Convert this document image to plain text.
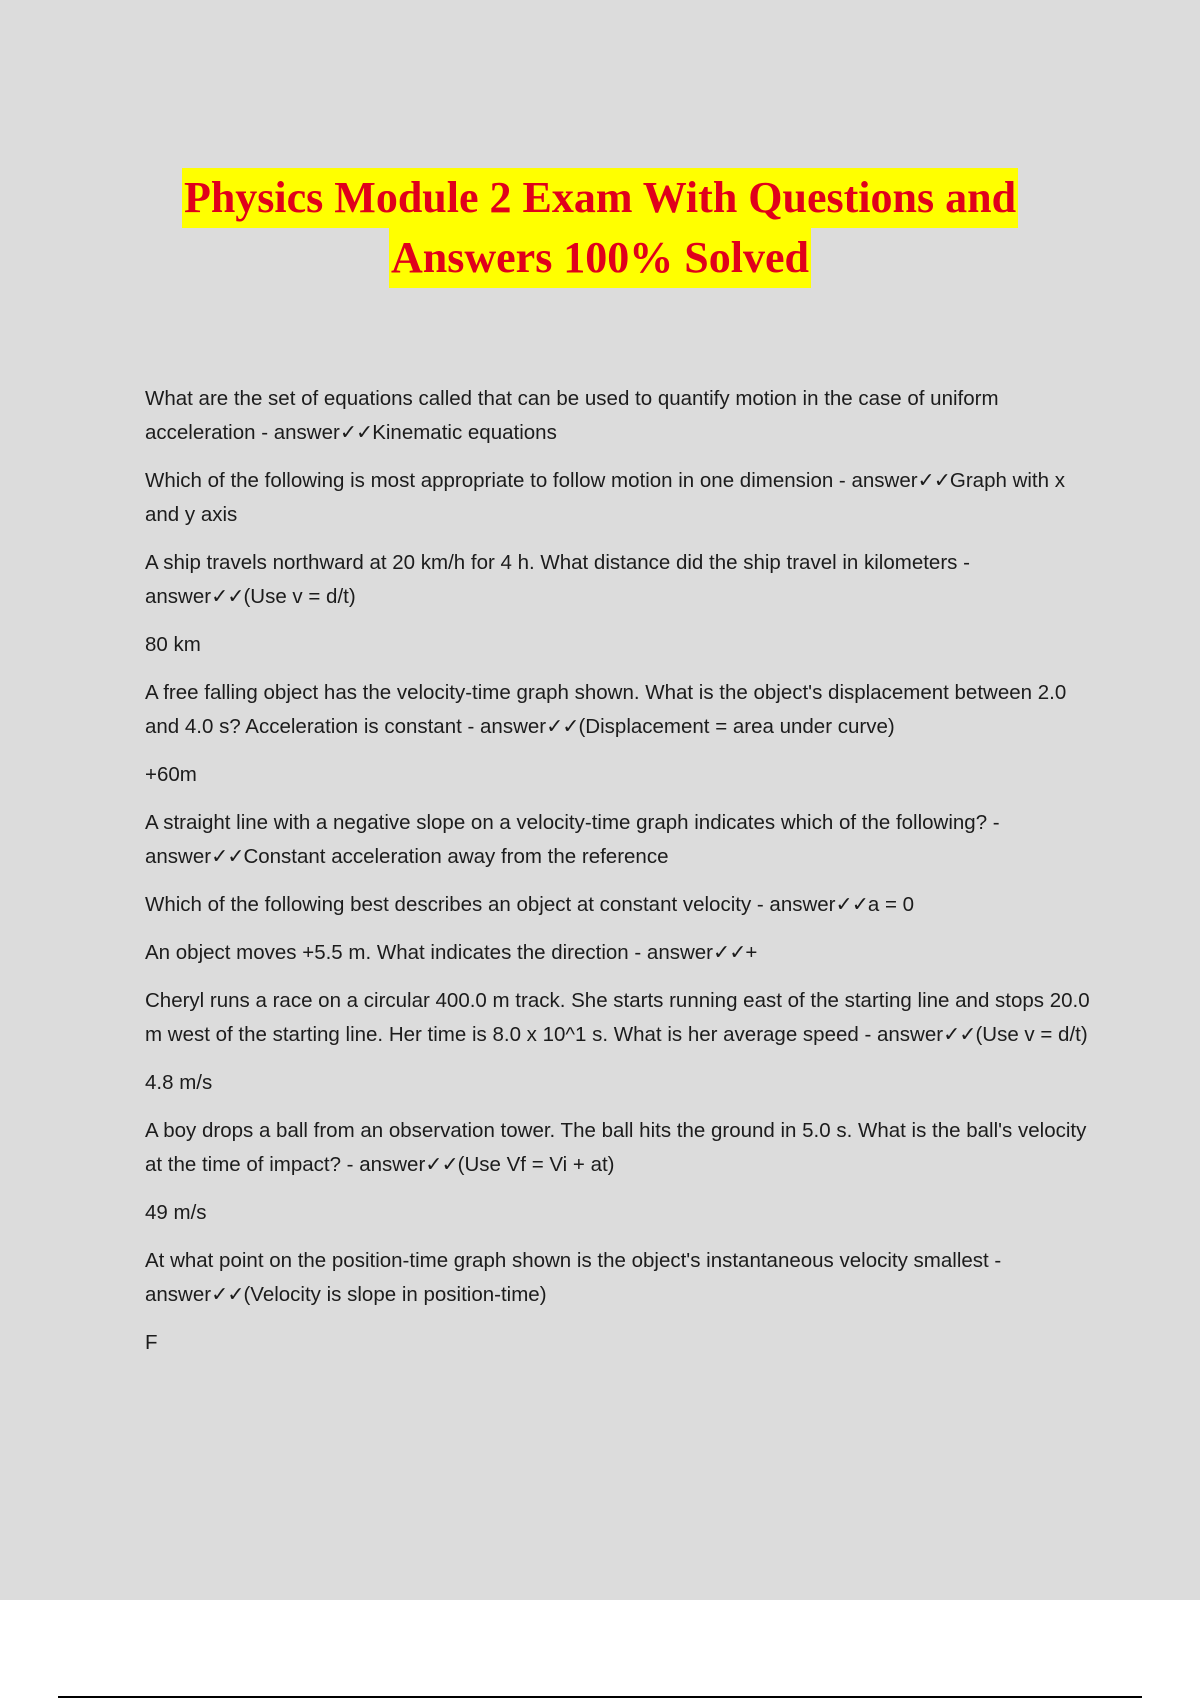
Physics Module 2 Exam With Questions and
Answers 100% Solved

What are the set of equations called that can be used to quantify motion in the case of uniform acceleration - answer✓✓Kinematic equations

Which of the following is most appropriate to follow motion in one dimension - answer✓✓Graph with x and y axis

A ship travels northward at 20 km/h for 4 h. What distance did the ship travel in kilometers - answer✓✓(Use v = d/t)

80 km

A free falling object has the velocity-time graph shown. What is the object's displacement between 2.0 and 4.0 s? Acceleration is constant - answer✓✓(Displacement = area under curve)

+60m

A straight line with a negative slope on a velocity-time graph indicates which of the following? - answer✓✓Constant acceleration away from the reference

Which of the following best describes an object at constant velocity - answer✓✓a = 0

An object moves +5.5 m. What indicates the direction - answer✓✓+

Cheryl runs a race on a circular 400.0 m track. She starts running east of the starting line and stops 20.0 m west of the starting line. Her time is 8.0 x 10^1 s. What is her average speed - answer✓✓(Use v = d/t)

4.8 m/s

A boy drops a ball from an observation tower. The ball hits the ground in 5.0 s. What is the ball's velocity at the time of impact? - answer✓✓(Use Vf = Vi + at)

49 m/s

At what point on the position-time graph shown is the object's instantaneous velocity smallest - answer✓✓(Velocity is slope in position-time)

F
